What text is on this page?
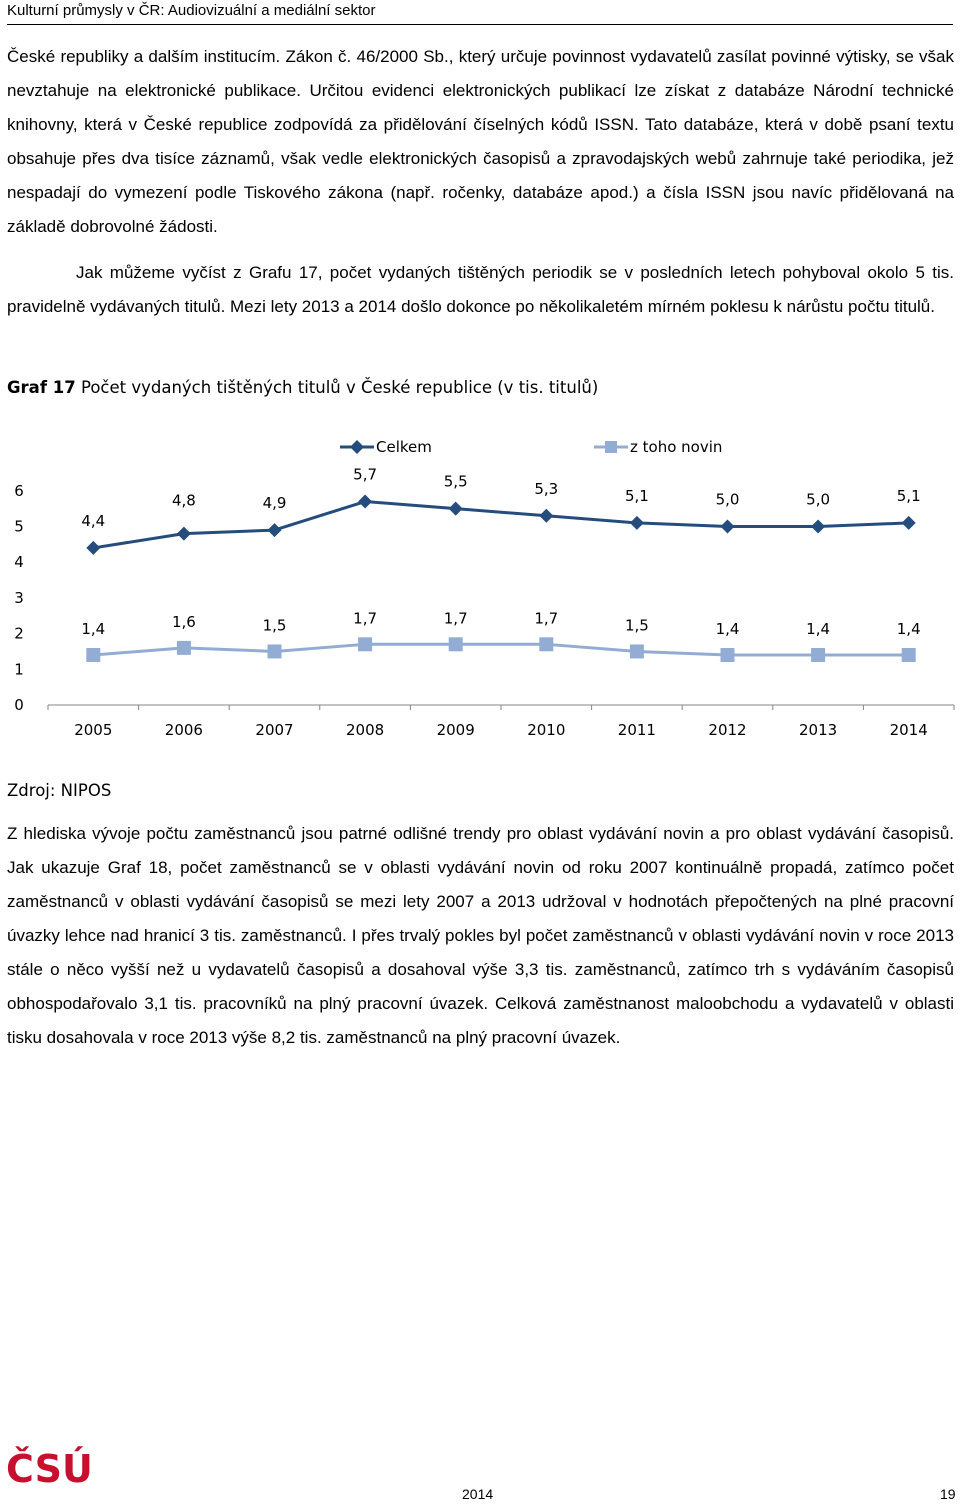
Kulturní průmysly v ČR: Audiovizuální a mediální sektor

České republiky a dalším institucím. Zákon č. 46/2000 Sb., který určuje povinnost vydavatelů zasílat povinné výtisky, se však nevztahuje na elektronické publikace. Určitou evidenci elektronických publikací lze získat z databáze Národní technické knihovny, která v České republice zodpovídá za přidělování číselných kódů ISSN. Tato databáze, která v době psaní textu obsahuje přes dva tisíce záznamů, však vedle elektronických časopisů a zpravodajských webů zahrnuje také periodika, jež nespadají do vymezení podle Tiskového zákona (např. ročenky, databáze apod.) a čísla ISSN jsou navíc přidělovaná na základě dobrovolné žádosti.

Jak můžeme vyčíst z Grafu 17, počet vydaných tištěných periodik se v posledních letech pohyboval okolo 5 tis. pravidelně vydávaných titulů. Mezi lety 2013 a 2014 došlo dokonce po několikaletém mírném poklesu k nárůstu počtu titulů.

Graf 17 Počet vydaných tištěných titulů v České republice (v tis. titulů)
0
1
2
3
4
5
6
2005	2006	2007	2008	2009	2010	2011	2012	2013	2014
Celkem	z toho novin
4,4
4,8	4,9
5,7	5,5	5,3	5,1	5,0	5,0	5,1
1,4	1,6	1,5	1,7	1,7	1,7	1,5	1,4	1,4	1,4
Zdroj: NIPOS

Z hlediska vývoje počtu zaměstnanců jsou patrné odlišné trendy pro oblast vydávání novin a pro oblast vydávání časopisů. Jak ukazuje Graf 18, počet zaměstnanců se v oblasti vydávání novin od roku 2007 kontinuálně propadá, zatímco počet zaměstnanců v oblasti vydávání časopisů se mezi lety 2007 a 2013 udržoval v hodnotách přepočtených na plné pracovní úvazky lehce nad hranicí 3 tis. zaměstnanců. I přes trvalý pokles byl počet zaměstnanců v oblasti vydávání novin v roce 2013 stále o něco vyšší než u vydavatelů časopisů a dosahoval výše 3,3 tis. zaměstnanců, zatímco trh s vydáváním časopisů obhospodařovalo 3,1 tis. pracovníků na plný pracovní úvazek. Celková zaměstnanost maloobchodu a vydavatelů v oblasti tisku dosahovala v roce 2013 výše 8,2 tis. zaměstnanců na plný pracovní úvazek.

ČSÚ
2014	19
